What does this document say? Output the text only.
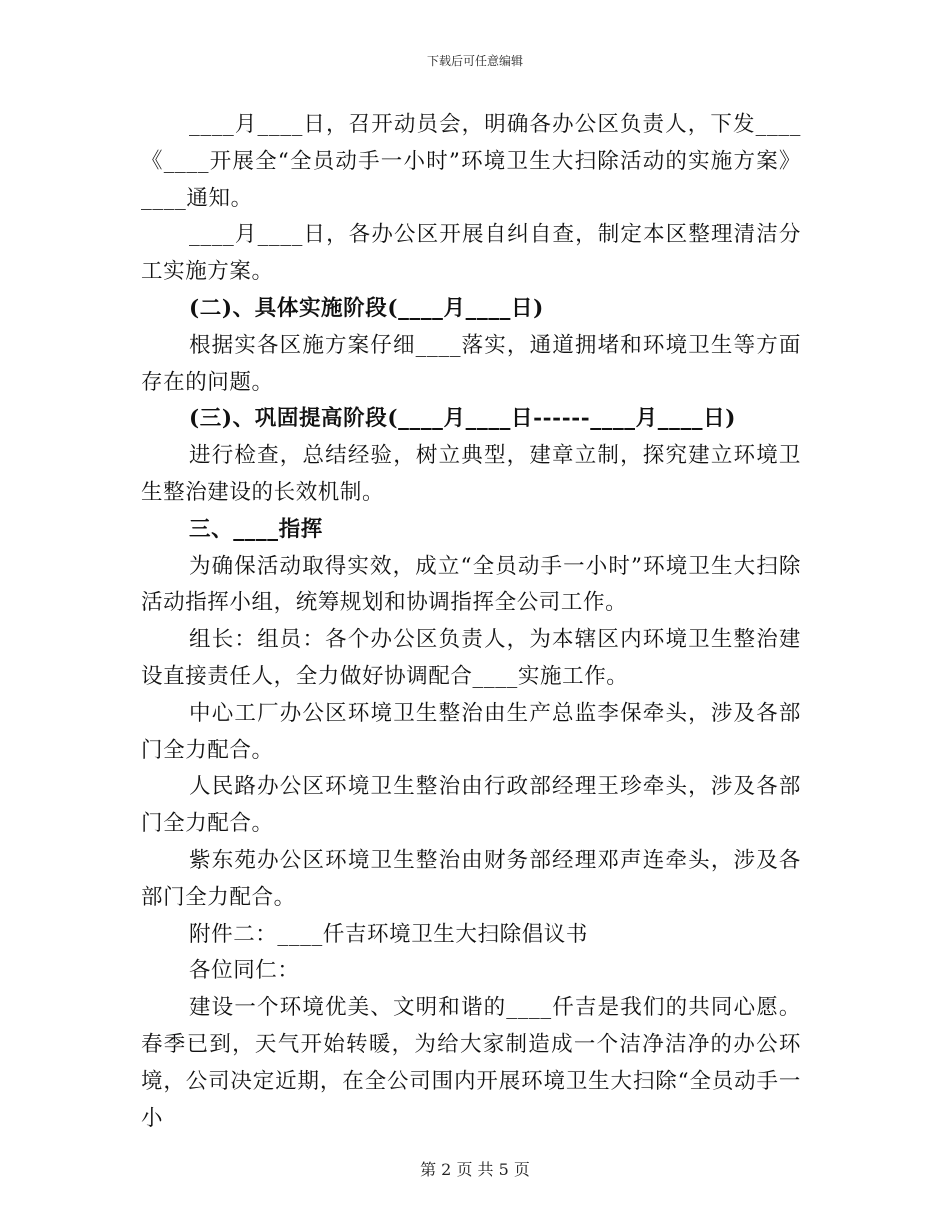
下载后可任意编辑

____月____日，召开动员会，明确各办公区负责人，下发____《____开展全“全员动手一小时”环境卫生大扫除活动的实施方案》____通知。

____月____日，各办公区开展自纠自查，制定本区整理清洁分工实施方案。

(二)、具体实施阶段(____月____日)

根据实各区施方案仔细____落实，通道拥堵和环境卫生等方面存在的问题。

(三)、巩固提高阶段(____月____日------____月____日)

进行检查，总结经验，树立典型，建章立制，探究建立环境卫生整治建设的长效机制。

三、____指挥

为确保活动取得实效，成立“全员动手一小时”环境卫生大扫除活动指挥小组，统筹规划和协调指挥全公司工作。

组长：组员：各个办公区负责人，为本辖区内环境卫生整治建设直接责任人，全力做好协调配合____实施工作。

中心工厂办公区环境卫生整治由生产总监李保牵头，涉及各部门全力配合。

人民路办公区环境卫生整治由行政部经理王珍牵头，涉及各部门全力配合。

紫东苑办公区环境卫生整治由财务部经理邓声连牵头，涉及各部门全力配合。

附件二：____仟吉环境卫生大扫除倡议书

各位同仁：

建设一个环境优美、文明和谐的____仟吉是我们的共同心愿。春季已到，天气开始转暖，为给大家制造成一个洁净洁净的办公环境，公司决定近期，在全公司围内开展环境卫生大扫除“全员动手一小

第 2 页 共 5 页
